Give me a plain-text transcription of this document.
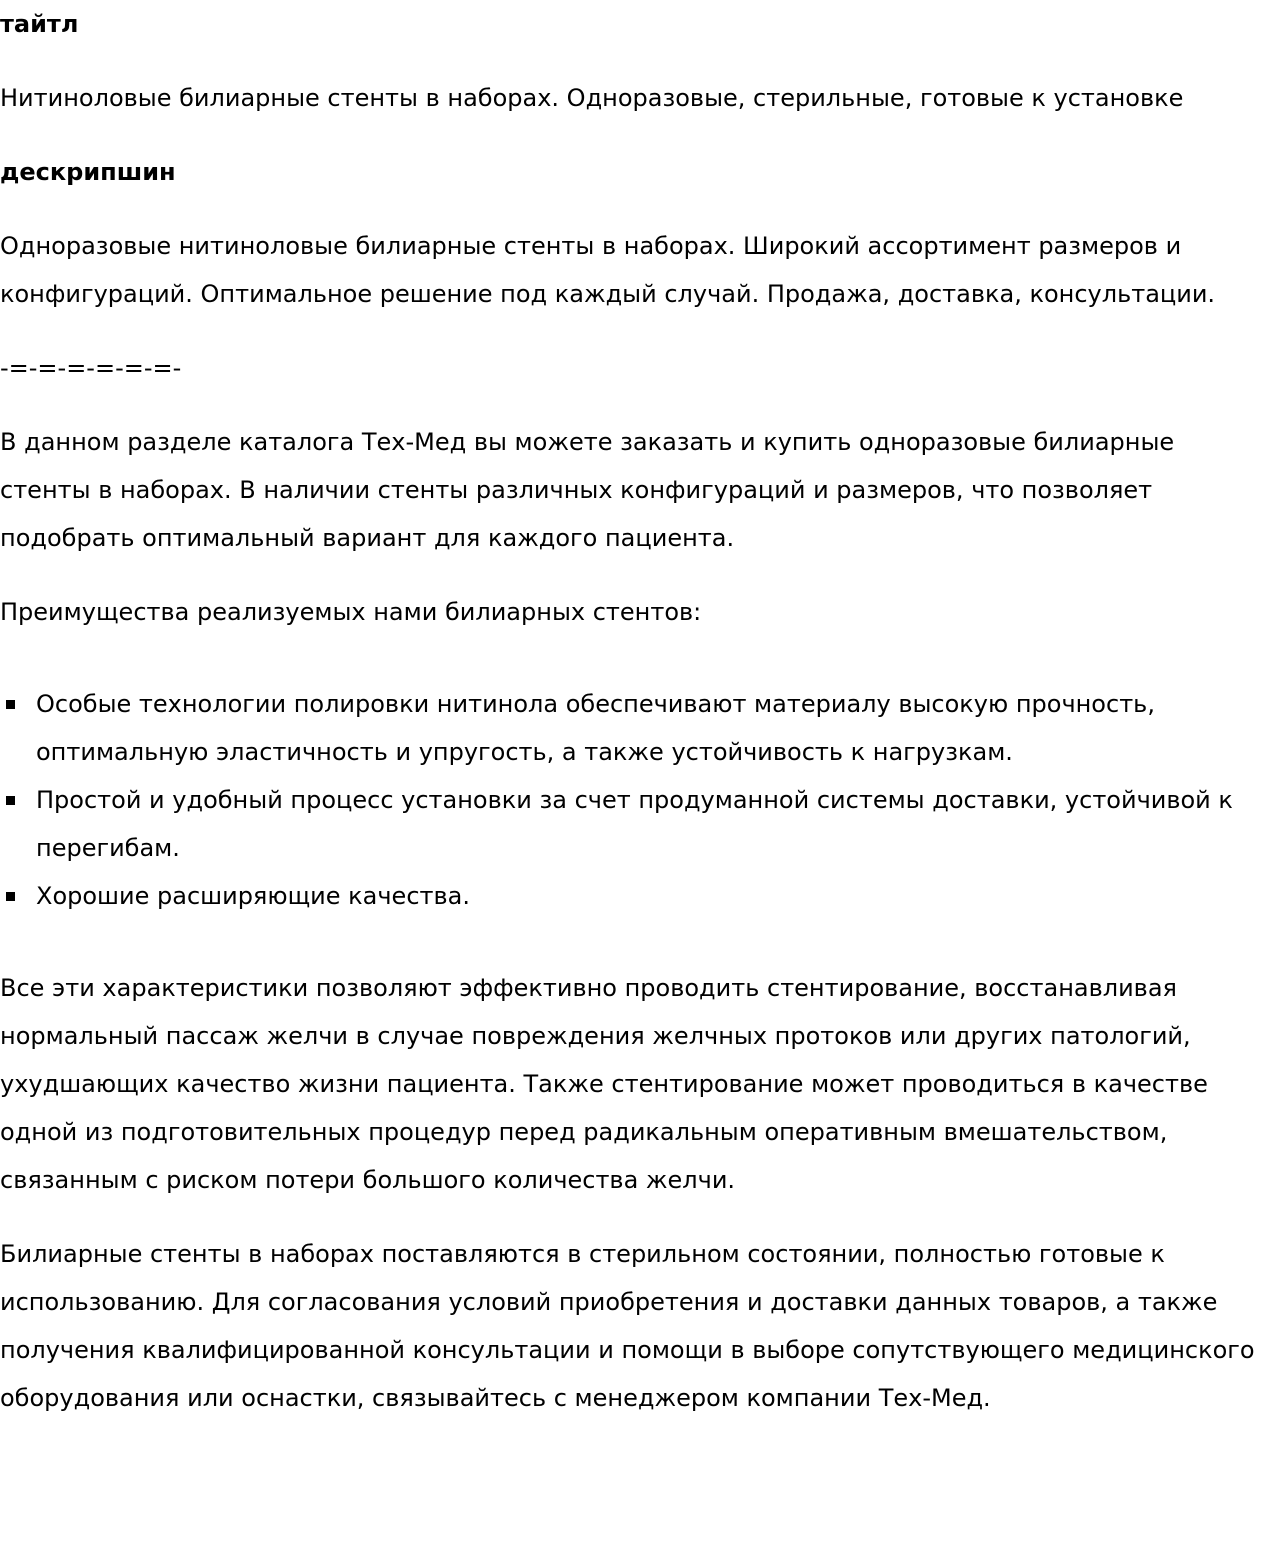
тайтл

Нитиноловые билиарные стенты в наборах. Одноразовые, стерильные, готовые к установке

дескрипшин

Одноразовые нитиноловые билиарные стенты в наборах. Широкий ассортимент размеров и конфигураций. Оптимальное решение под каждый случай. Продажа, доставка, консультации.

-=-=-=-=-=-=-

В данном разделе каталога Тех-Мед вы можете заказать и купить одноразовые билиарные стенты в наборах. В наличии стенты различных конфигураций и размеров, что позволяет подобрать оптимальный вариант для каждого пациента.

Преимущества реализуемых нами билиарных стентов:

Особые технологии полировки нитинола обеспечивают материалу высокую прочность, оптимальную эластичность и упругость, а также устойчивость к нагрузкам.
Простой и удобный процесс установки за счет продуманной системы доставки, устойчивой к перегибам.
Хорошие расширяющие качества.

Все эти характеристики позволяют эффективно проводить стентирование, восстанавливая нормальный пассаж желчи в случае повреждения желчных протоков или других патологий, ухудшающих качество жизни пациента. Также стентирование может проводиться в качестве одной из подготовительных процедур перед радикальным оперативным вмешательством, связанным с риском потери большого количества желчи.

Билиарные стенты в наборах поставляются в стерильном состоянии, полностью готовые к использованию. Для согласования условий приобретения и доставки данных товаров, а также получения квалифицированной консультации и помощи в выборе сопутствующего медицинского оборудования или оснастки, связывайтесь с менеджером компании Тех-Мед.
